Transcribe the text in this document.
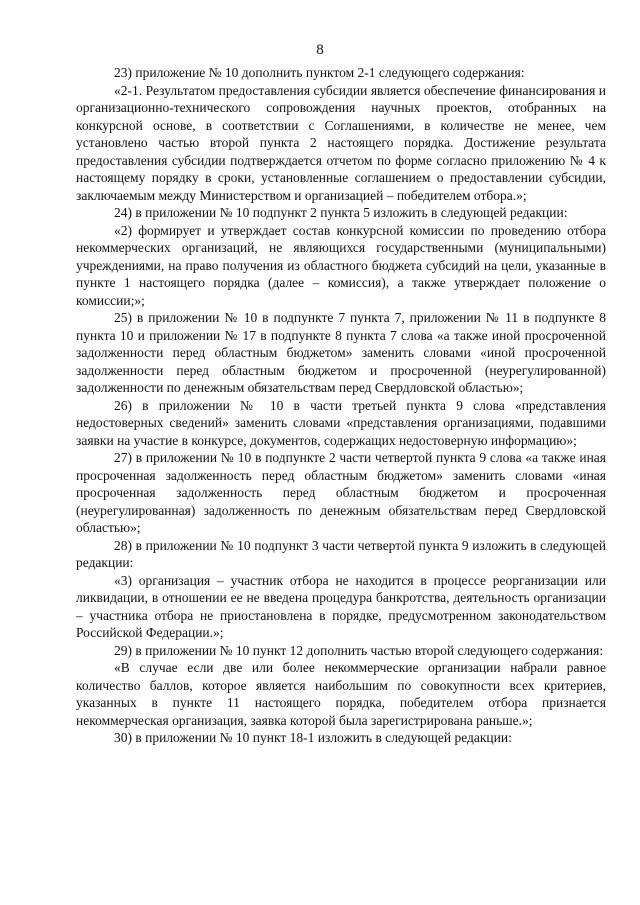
8

23) приложение № 10 дополнить пунктом 2-1 следующего содержания:

«2-1. Результатом предоставления субсидии является обеспечение финансирования и организационно-технического сопровождения научных проектов, отобранных на конкурсной основе, в соответствии с Соглашениями, в количестве не менее, чем установлено частью второй пункта 2 настоящего порядка. Достижение результата предоставления субсидии подтверждается отчетом по форме согласно приложению № 4 к настоящему порядку в сроки, установленные соглашением о предоставлении субсидии, заключаемым между Министерством и организацией – победителем отбора.»;

24) в приложении № 10 подпункт 2 пункта 5 изложить в следующей редакции:

«2) формирует и утверждает состав конкурсной комиссии по проведению отбора некоммерческих организаций, не являющихся государственными (муниципальными) учреждениями, на право получения из областного бюджета субсидий на цели, указанные в пункте 1 настоящего порядка (далее – комиссия), а также утверждает положение о комиссии;»;

25) в приложении № 10 в подпункте 7 пункта 7, приложении № 11 в подпункте 8 пункта 10 и приложении № 17 в подпункте 8 пункта 7 слова «а также иной просроченной задолженности перед областным бюджетом» заменить словами «иной просроченной задолженности перед областным бюджетом и просроченной (неурегулированной) задолженности по денежным обязательствам перед Свердловской областью»;

26) в приложении № 10 в части третьей пункта 9 слова «представления недостоверных сведений» заменить словами «представления организациями, подавшими заявки на участие в конкурсе, документов, содержащих недостоверную информацию»;

27) в приложении № 10 в подпункте 2 части четвертой пункта 9 слова «а также иная просроченная задолженность перед областным бюджетом» заменить словами «иная просроченная задолженность перед областным бюджетом и просроченная (неурегулированная) задолженность по денежным обязательствам перед Свердловской областью»;

28) в приложении № 10 подпункт 3 части четвертой пункта 9 изложить в следующей редакции:

«3) организация – участник отбора не находится в процессе реорганизации или ликвидации, в отношении ее не введена процедура банкротства, деятельность организации – участника отбора не приостановлена в порядке, предусмотренном законодательством Российской Федерации.»;

29) в приложении № 10 пункт 12 дополнить частью второй следующего содержания:

«В случае если две или более некоммерческие организации набрали равное количество баллов, которое является наибольшим по совокупности всех критериев, указанных в пункте 11 настоящего порядка, победителем отбора признается некоммерческая организация, заявка которой была зарегистрирована раньше.»;

30) в приложении № 10 пункт 18-1 изложить в следующей редакции:
